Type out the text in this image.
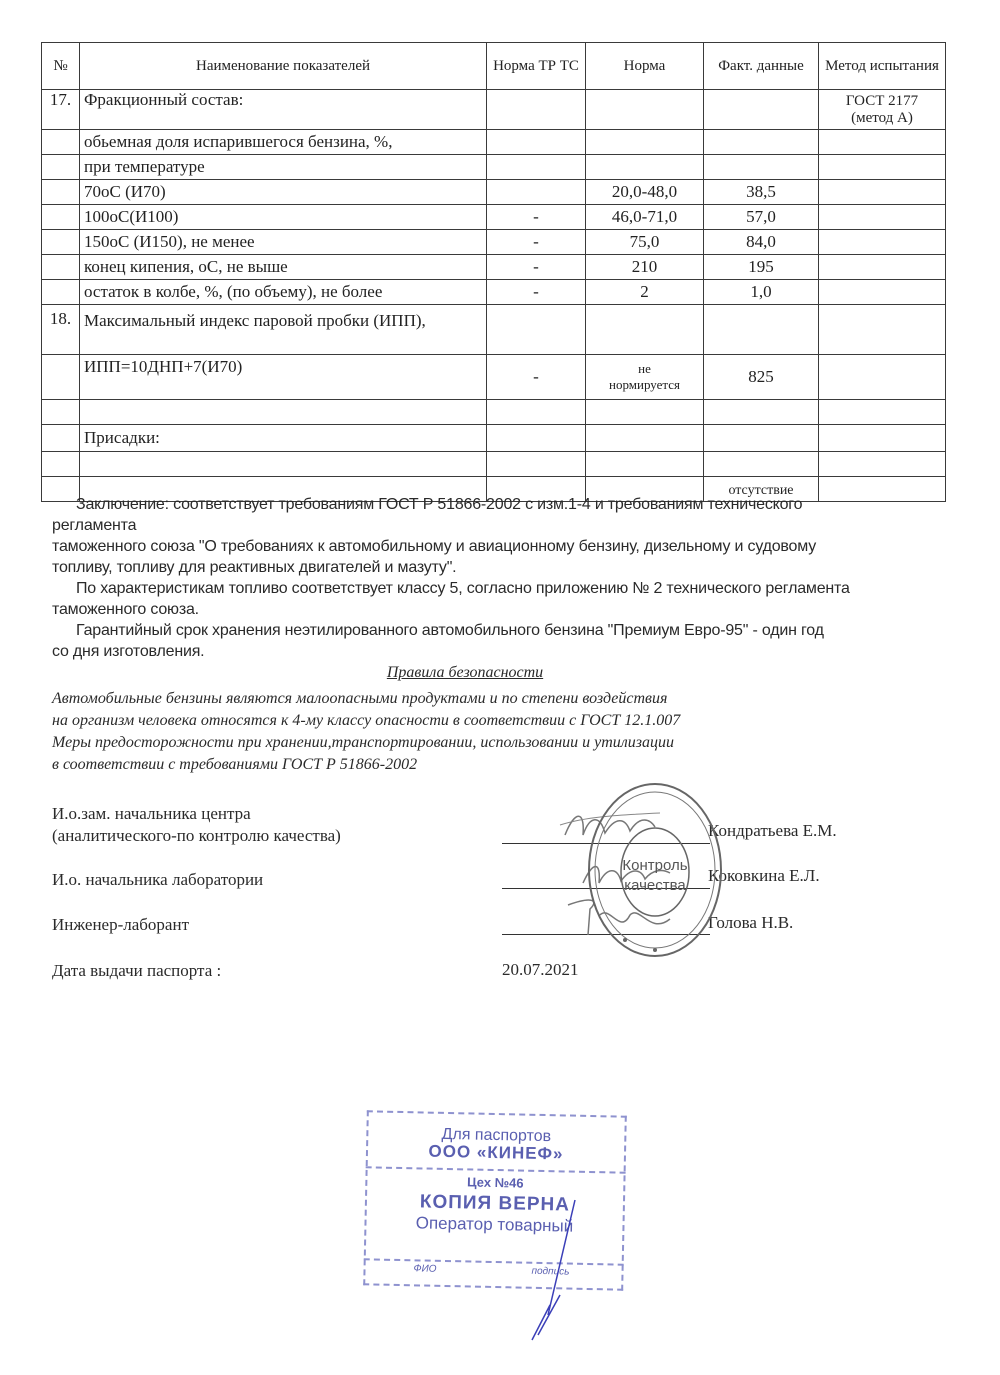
№	Наименование показателей	Норма ТР ТС	Норма	Факт. данные	Метод испытания
17.	Фракционный состав:				ГОСТ 2177 (метод А)
	обьемная доля испарившегося бензина, %,				
	при температуре				
	70oC (И70)		20,0-48,0	38,5	
	100oC(И100)	-	46,0-71,0	57,0	
	150oC (И150), не менее	-	75,0	84,0	
	конец кипения, oC, не выше	-	210	195	
	остаток в колбе, %, (по объему), не более	-	2	1,0	
18.	Максимальный индекс паровой пробки (ИПП),				
	ИПП=10ДНП+7(И70)	-	не нормируется	825	

	Присадки:				

				отсутствие	
Заключение: соответствует требованиям ГОСТ Р 51866-2002 с изм.1-4 и требованиям технического
регламента
таможенного союза "О требованиях к автомобильному и авиационному бензину, дизельному и судовому
топливу, топливу для реактивных двигателей и мазуту".
По характеристикам топливо соответствует классу 5, согласно приложению № 2 технического регламента
таможенного союза.
Гарантийный срок хранения неэтилированного автомобильного бензина "Премиум Евро-95" - один год
со дня изготовления.
Правила безопасности
Автомобильные бензины являются малоопасными продуктами и по степени воздействия
на организм человека относятся к 4-му классу опасности в соответствии с ГОСТ 12.1.007
Меры предосторожности при хранении,транспортировании, использовании и утилизации
в соответствии с требованиями ГОСТ Р 51866-2002
И.о.зам. начальника центра
(аналитического-по контролю качества)	Кондратьева Е.М.
И.о. начальника лаборатории	Коковкина Е.Л.
Инженер-лаборант	Голова Н.В.
Дата выдачи паспорта :	20.07.2021
Контроль
качества
Для паспортов
ООО «КИНЕФ»
Цех №46
КОПИЯ ВЕРНА
Оператор товарный
ФИО	подпись
